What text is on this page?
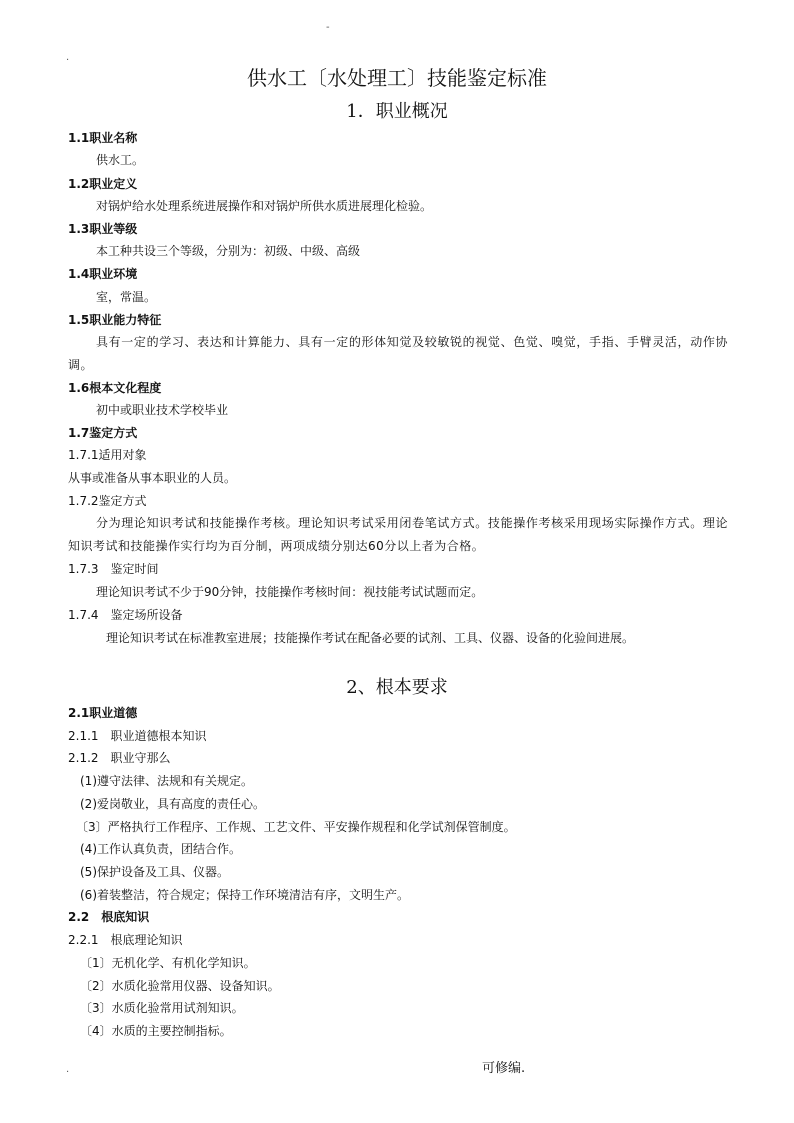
-
.
供水工〔水处理工〕技能鉴定标准
1．职业概况
1.1职业名称
供水工。
1.2职业定义
对锅炉给水处理系统进展操作和对锅炉所供水质进展理化检验。
1.3职业等级
本工种共设三个等级，分别为：初级、中级、高级
1.4职业环境
室，常温。
1.5职业能力特征
具有一定的学习、表达和计算能力、具有一定的形体知觉及较敏锐的视觉、色觉、嗅觉，手指、手臂灵活，动作协调。
1.6根本文化程度
初中或职业技术学校毕业
1.7鉴定方式
1.7.1适用对象
从事或准备从事本职业的人员。
1.7.2鉴定方式
分为理论知识考试和技能操作考核。理论知识考试采用闭卷笔试方式。技能操作考核采用现场实际操作方式。理论知识考试和技能操作实行均为百分制，两项成绩分别达60分以上者为合格。
1.7.3　鉴定时间
理论知识考试不少于90分钟，技能操作考核时间：视技能考试试题而定。
1.7.4　鉴定场所设备
理论知识考试在标准教室进展；技能操作考试在配备必要的试剂、工具、仪器、设备的化验间进展。
2、根本要求
2.1职业道德
2.1.1　职业道德根本知识
2.1.2　职业守那么
(1)遵守法律、法规和有关规定。
(2)爱岗敬业，具有高度的责任心。
〔3〕严格执行工作程序、工作规、工艺文件、平安操作规程和化学试剂保管制度。
(4)工作认真负责，团结合作。
(5)保护设备及工具、仪器。
(6)着装整洁，符合规定；保持工作环境清洁有序，文明生产。
2.2　根底知识
2.2.1　根底理论知识
〔1〕无机化学、有机化学知识。
〔2〕水质化验常用仪器、设备知识。
〔3〕水质化验常用试剂知识。
〔4〕水质的主要控制指标。
.	可修编.
